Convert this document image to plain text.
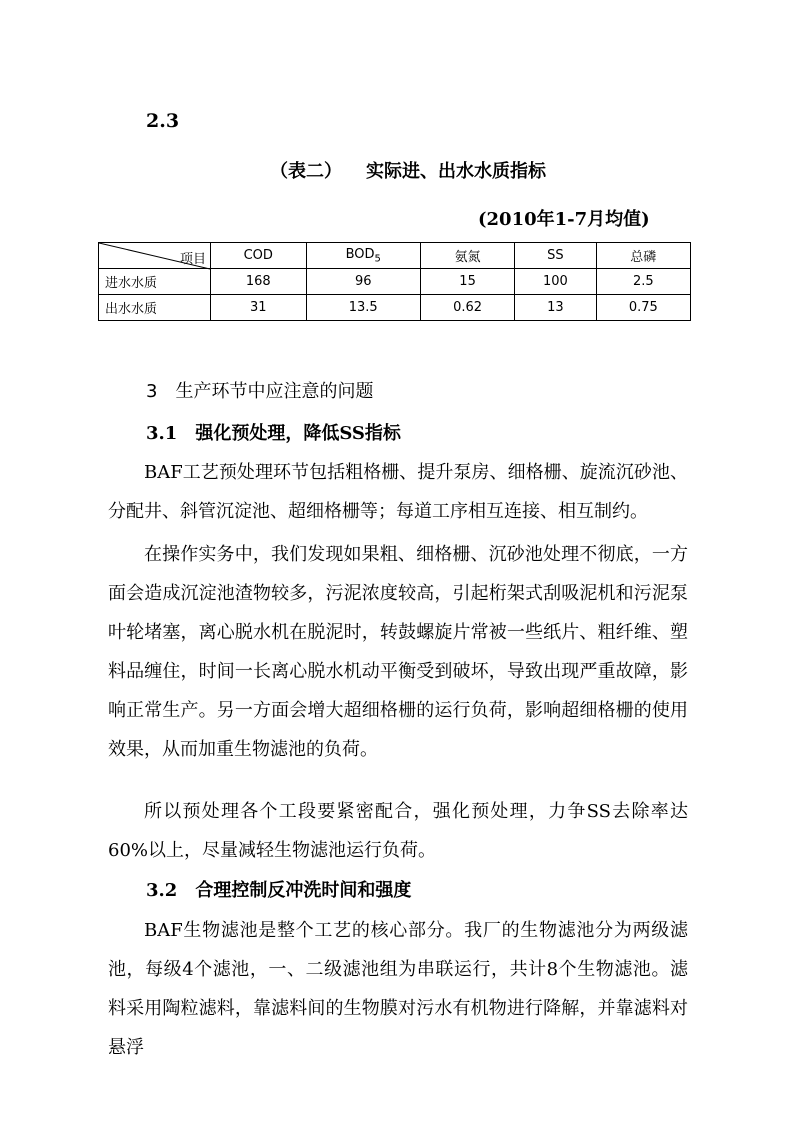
2.3
（表二） 实际进、出水水质指标
(2010年1-7月均值)
项目	COD	$BOD_5$	氨氮	SS	总磷
进水水质	168	96	15	100	2.5
出水水质	31	13.5	0.62	13	0.75
3　生产环节中应注意的问题
3.1　强化预处理，降低SS指标
BAF工艺预处理环节包括粗格栅、提升泵房、细格栅、旋流沉砂池、分配井、斜管沉淀池、超细格栅等；每道工序相互连接、相互制约。
在操作实务中，我们发现如果粗、细格栅、沉砂池处理不彻底，一方面会造成沉淀池渣物较多，污泥浓度较高，引起桁架式刮吸泥机和污泥泵叶轮堵塞，离心脱水机在脱泥时，转鼓螺旋片常被一些纸片、粗纤维、塑料品缠住，时间一长离心脱水机动平衡受到破坏，导致出现严重故障，影响正常生产。另一方面会增大超细格栅的运行负荷，影响超细格栅的使用效果，从而加重生物滤池的负荷。
所以预处理各个工段要紧密配合，强化预处理，力争SS去除率达60%以上，尽量减轻生物滤池运行负荷。
3.2　合理控制反冲洗时间和强度
BAF生物滤池是整个工艺的核心部分。我厂的生物滤池分为两级滤池，每级4个滤池，一、二级滤池组为串联运行，共计8个生物滤池。滤料采用陶粒滤料，靠滤料间的生物膜对污水有机物进行降解，并靠滤料对悬浮
